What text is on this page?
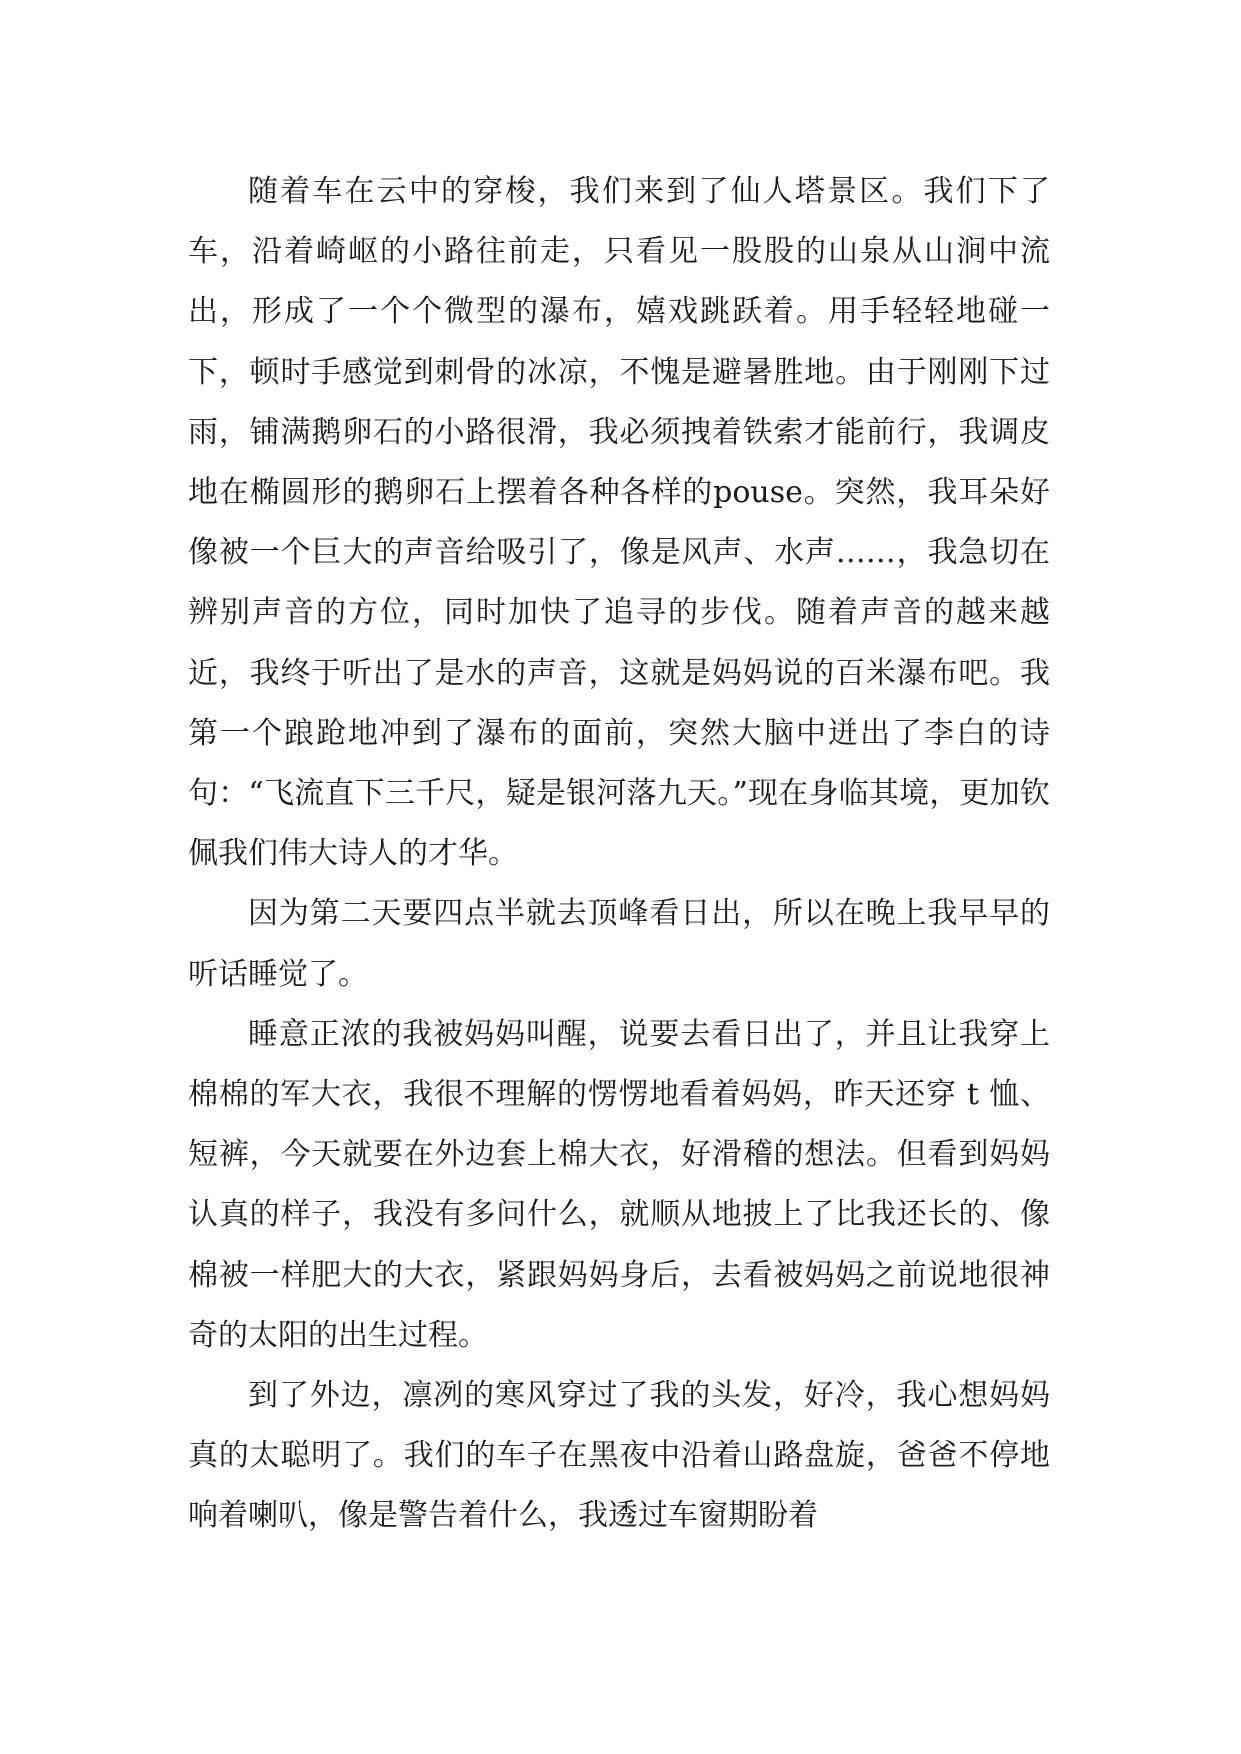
随着车在云中的穿梭，我们来到了仙人塔景区。我们下了车，沿着崎岖的小路往前走，只看见一股股的山泉从山涧中流出，形成了一个个微型的瀑布，嬉戏跳跃着。用手轻轻地碰一下，顿时手感觉到刺骨的冰凉，不愧是避暑胜地。由于刚刚下过雨，铺满鹅卵石的小路很滑，我必须拽着铁索才能前行，我调皮地在椭圆形的鹅卵石上摆着各种各样的pouse。突然，我耳朵好像被一个巨大的声音给吸引了，像是风声、水声……，我急切在辨别声音的方位，同时加快了追寻的步伐。随着声音的越来越近，我终于听出了是水的声音，这就是妈妈说的百米瀑布吧。我第一个踉跄地冲到了瀑布的面前，突然大脑中迸出了李白的诗句：“飞流直下三千尺，疑是银河落九天。”现在身临其境，更加钦佩我们伟大诗人的才华。

因为第二天要四点半就去顶峰看日出，所以在晚上我早早的听话睡觉了。

睡意正浓的我被妈妈叫醒，说要去看日出了，并且让我穿上棉棉的军大衣，我很不理解的愣愣地看着妈妈，昨天还穿 t 恤、短裤，今天就要在外边套上棉大衣，好滑稽的想法。但看到妈妈认真的样子，我没有多问什么，就顺从地披上了比我还长的、像棉被一样肥大的大衣，紧跟妈妈身后，去看被妈妈之前说地很神奇的太阳的出生过程。

到了外边，凛冽的寒风穿过了我的头发，好冷，我心想妈妈真的太聪明了。我们的车子在黑夜中沿着山路盘旋，爸爸不停地响着喇叭，像是警告着什么，我透过车窗期盼着
